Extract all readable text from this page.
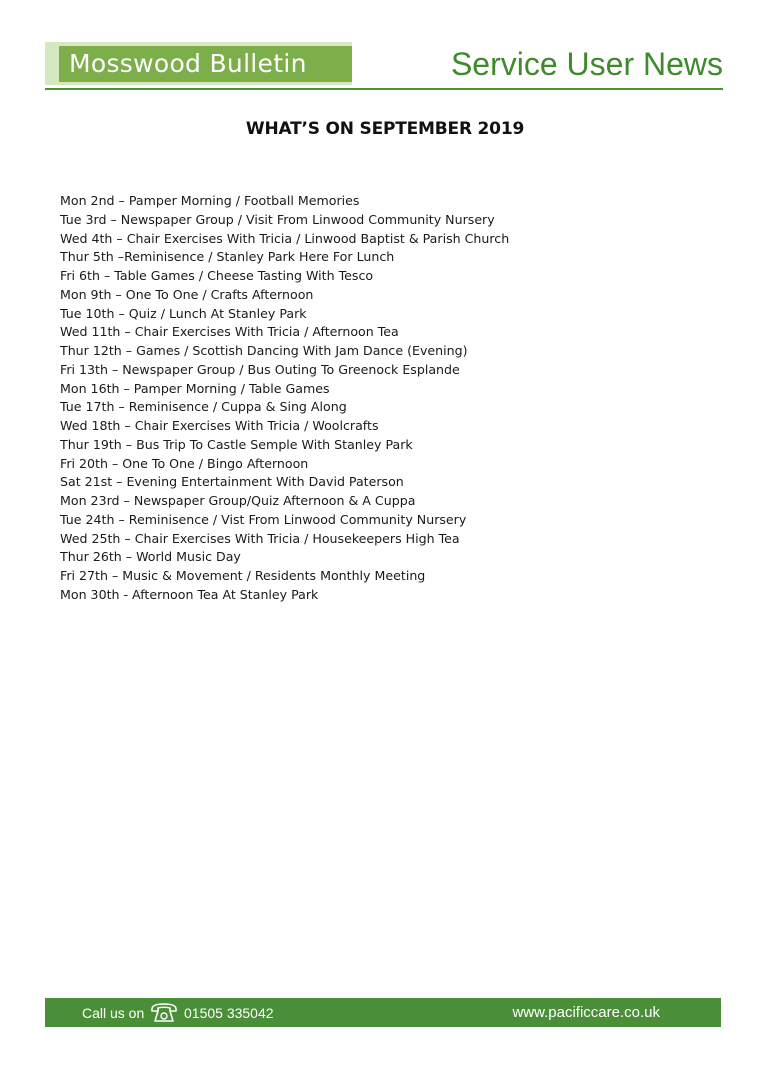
Mosswood Bulletin	Service User News
WHAT’S ON SEPTEMBER 2019
Mon 2nd – Pamper Morning / Football Memories
Tue 3rd – Newspaper Group / Visit From Linwood Community Nursery
Wed 4th – Chair Exercises With Tricia / Linwood Baptist & Parish Church
Thur 5th –Reminisence / Stanley Park Here For Lunch
Fri 6th – Table Games / Cheese Tasting With Tesco
Mon 9th – One To One / Crafts Afternoon
Tue 10th – Quiz / Lunch At Stanley Park
Wed 11th – Chair Exercises With Tricia / Afternoon Tea
Thur 12th – Games / Scottish Dancing With Jam Dance (Evening)
Fri 13th – Newspaper Group / Bus Outing To Greenock Esplande
Mon 16th – Pamper Morning / Table Games
Tue 17th – Reminisence / Cuppa & Sing Along
Wed 18th – Chair Exercises With Tricia / Woolcrafts
Thur 19th – Bus Trip To Castle Semple With Stanley Park
Fri 20th – One To One / Bingo Afternoon
Sat 21st – Evening Entertainment With David Paterson
Mon 23rd – Newspaper Group/Quiz Afternoon & A Cuppa
Tue 24th – Reminisence / Vist From Linwood Community Nursery
Wed 25th – Chair Exercises With Tricia / Housekeepers High Tea
Thur 26th – World Music Day
Fri 27th – Music & Movement / Residents Monthly Meeting
Mon 30th - Afternoon Tea At Stanley Park
Call us on	01505 335042	www.pacificcare.co.uk
